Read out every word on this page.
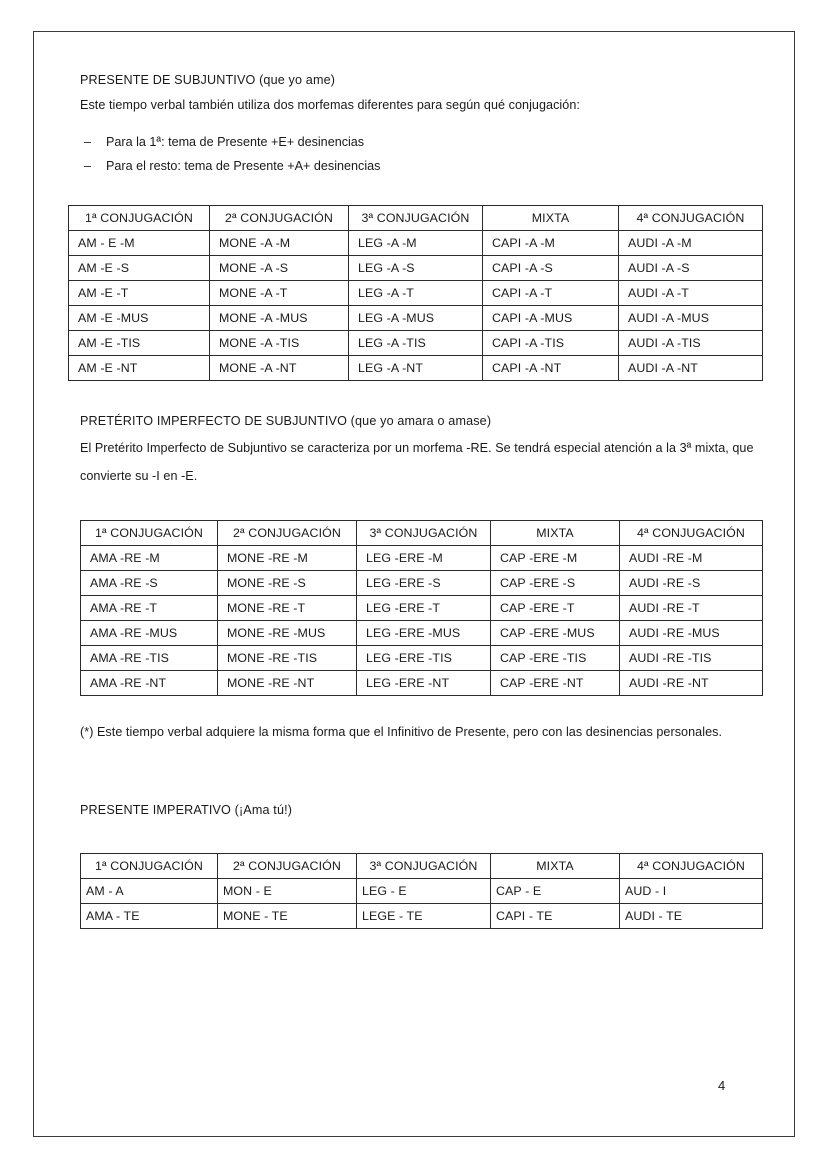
PRESENTE DE SUBJUNTIVO (que yo ame)
Este tiempo verbal también utiliza dos morfemas diferentes para según qué conjugación:
– Para la 1ª: tema de Presente +E+ desinencias
– Para el resto: tema de Presente +A+ desinencias
1ª CONJUGACIÓN	2ª CONJUGACIÓN	3ª CONJUGACIÓN	MIXTA	4ª CONJUGACIÓN
AM - E -M	MONE -A -M	LEG -A -M	CAPI -A -M	AUDI -A -M
AM -E -S	MONE -A -S	LEG -A -S	CAPI -A -S	AUDI -A -S
AM -E -T	MONE -A -T	LEG -A -T	CAPI -A -T	AUDI -A -T
AM -E -MUS	MONE -A -MUS	LEG -A -MUS	CAPI -A -MUS	AUDI -A -MUS
AM -E -TIS	MONE -A -TIS	LEG -A -TIS	CAPI -A -TIS	AUDI -A -TIS
AM -E -NT	MONE -A -NT	LEG -A -NT	CAPI -A -NT	AUDI -A -NT
PRETÉRITO IMPERFECTO DE SUBJUNTIVO (que yo amara o amase)
El Pretérito Imperfecto de Subjuntivo se caracteriza por un morfema -RE. Se tendrá especial atención a la 3ª mixta, que convierte su -I en -E.
1ª CONJUGACIÓN	2ª CONJUGACIÓN	3ª CONJUGACIÓN	MIXTA	4ª CONJUGACIÓN
AMA -RE -M	MONE -RE -M	LEG -ERE -M	CAP -ERE -M	AUDI -RE -M
AMA -RE -S	MONE -RE -S	LEG -ERE -S	CAP -ERE -S	AUDI -RE -S
AMA -RE -T	MONE -RE -T	LEG -ERE -T	CAP -ERE -T	AUDI -RE -T
AMA -RE -MUS	MONE -RE -MUS	LEG -ERE -MUS	CAP -ERE -MUS	AUDI -RE -MUS
AMA -RE -TIS	MONE -RE -TIS	LEG -ERE -TIS	CAP -ERE -TIS	AUDI -RE -TIS
AMA -RE -NT	MONE -RE -NT	LEG -ERE -NT	CAP -ERE -NT	AUDI -RE -NT
(*) Este tiempo verbal adquiere la misma forma que el Infinitivo de Presente, pero con las desinencias personales.
PRESENTE IMPERATIVO (¡Ama tú!)
1ª CONJUGACIÓN	2ª CONJUGACIÓN	3ª CONJUGACIÓN	MIXTA	4ª CONJUGACIÓN
AM - A	MON - E	LEG - E	CAP - E	AUD - I
AMA - TE	MONE - TE	LEGE - TE	CAPI - TE	AUDI - TE
4
